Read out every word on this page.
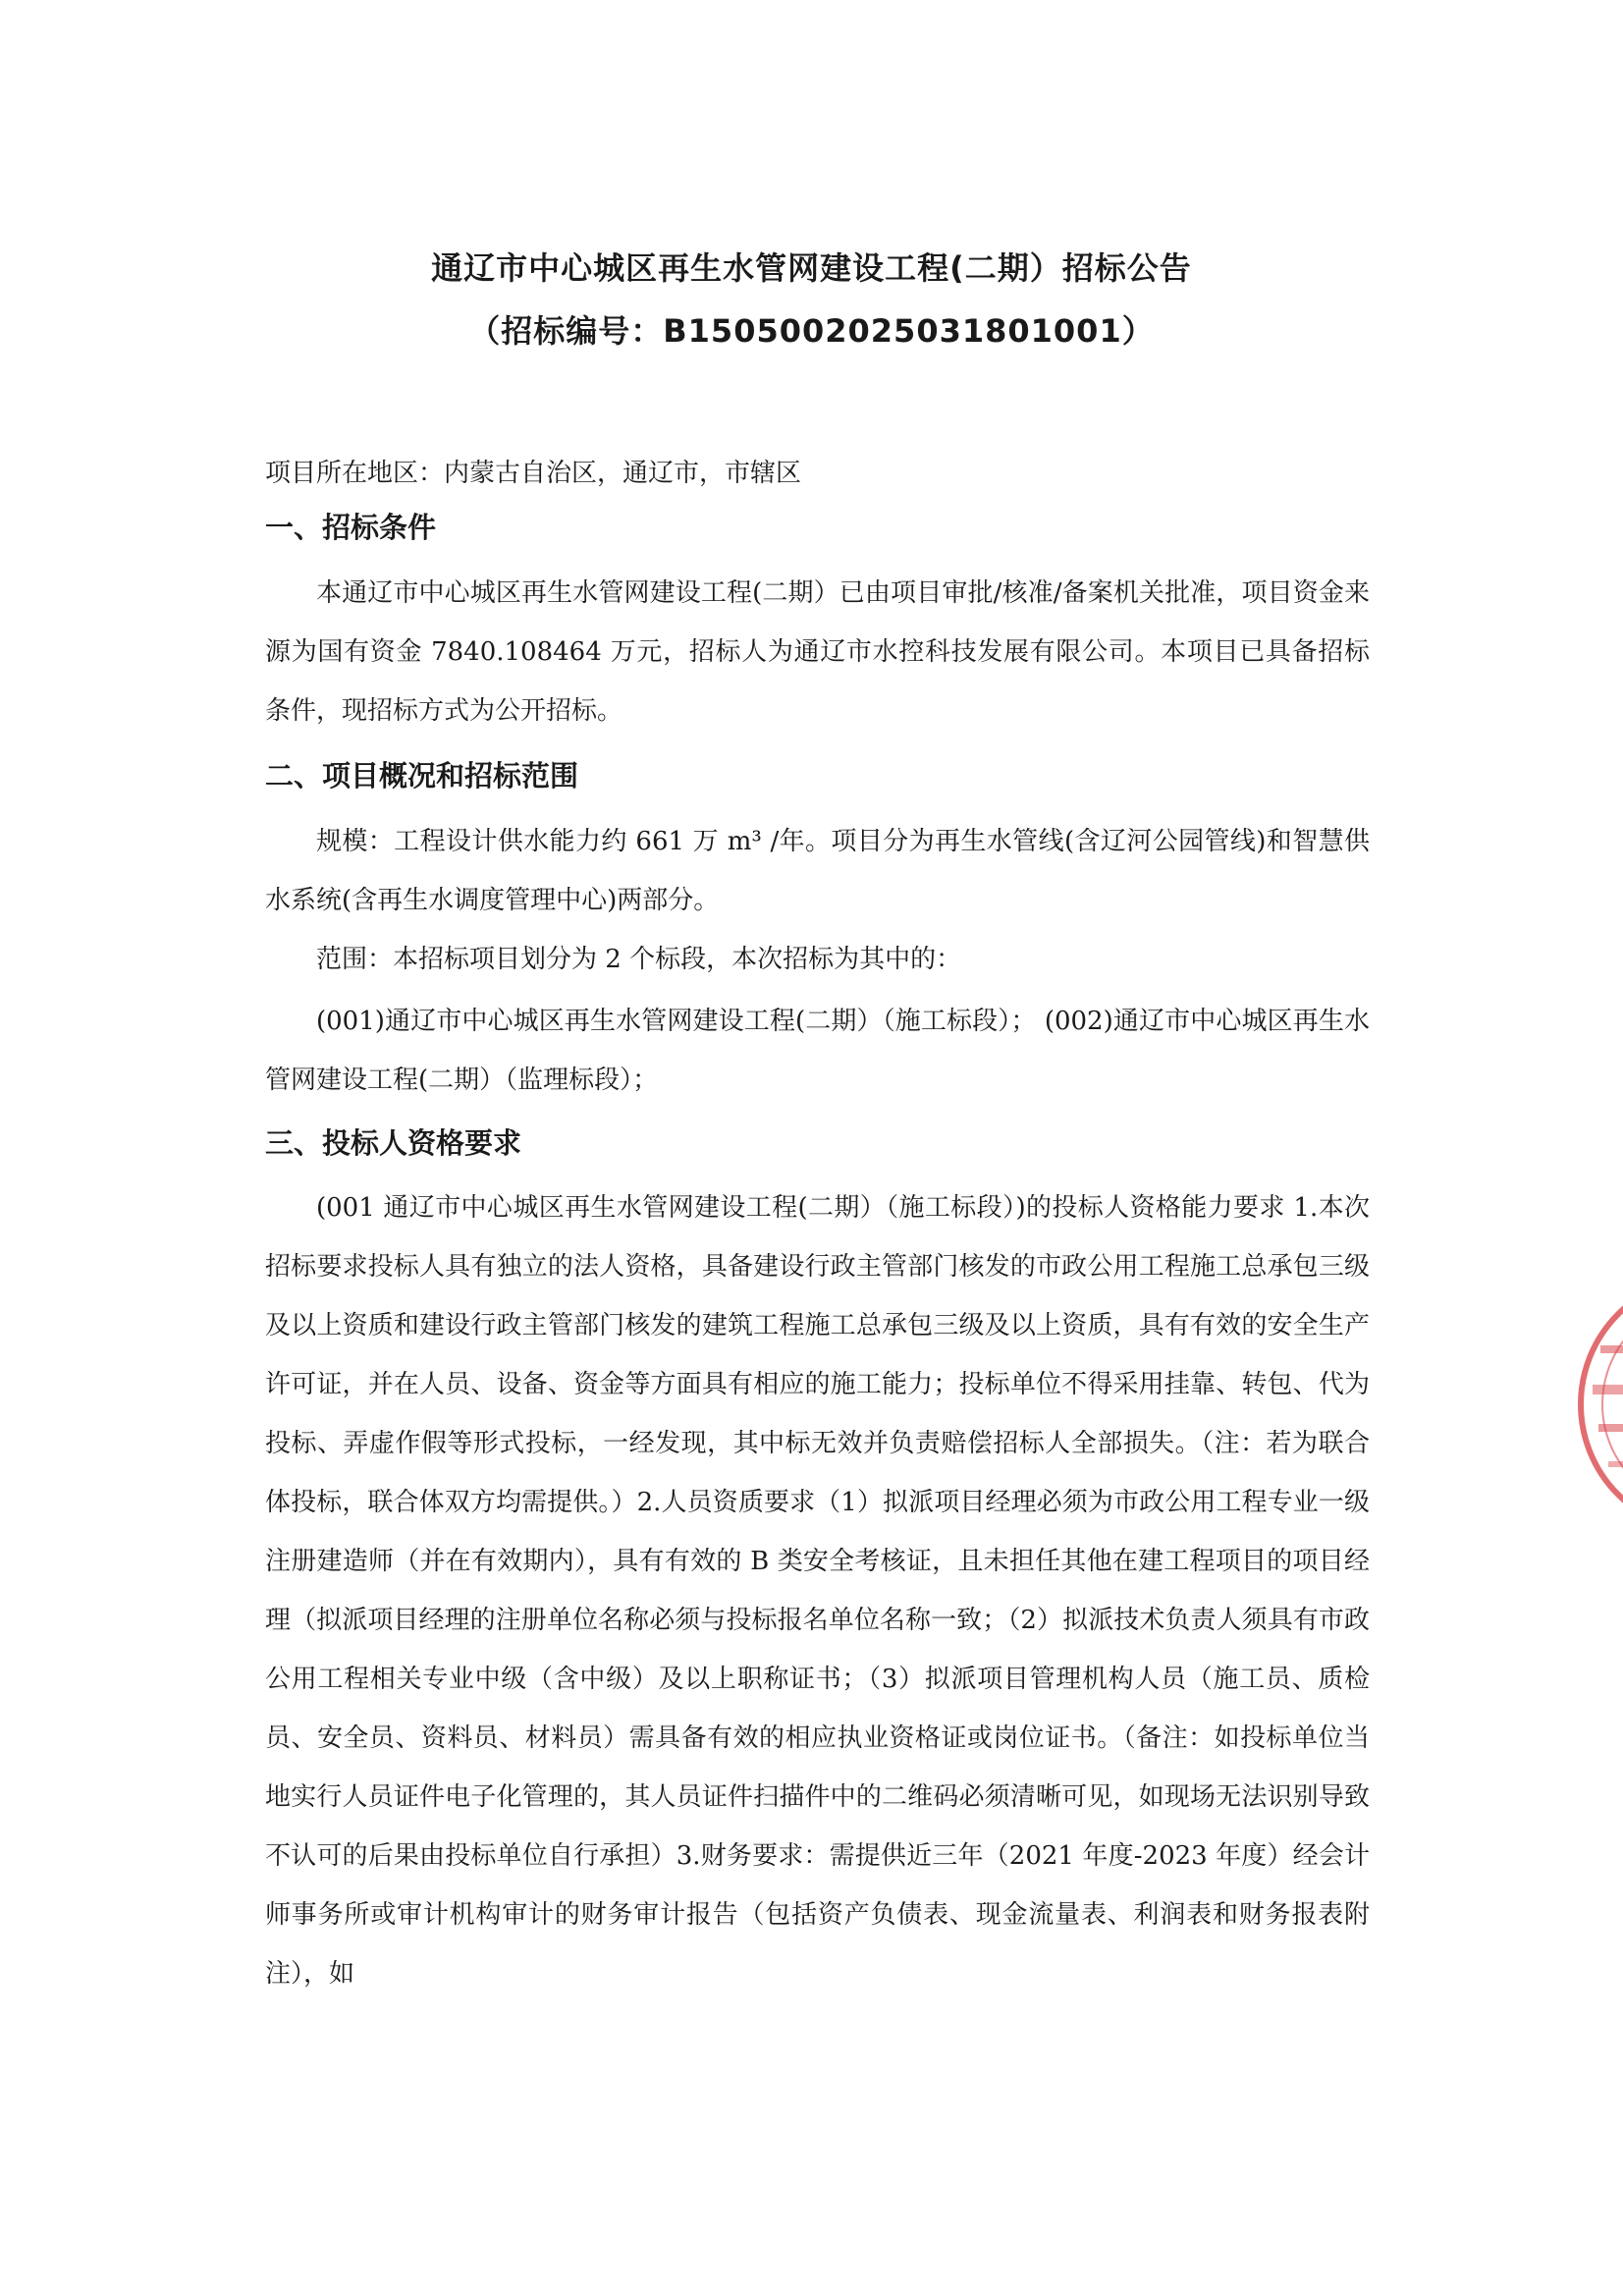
通辽市中心城区再生水管网建设工程(二期）招标公告
（招标编号：B1505002025031801001）
项目所在地区：内蒙古自治区，通辽市，市辖区
一、招标条件

本通辽市中心城区再生水管网建设工程(二期）已由项目审批/核准/备案机关批准，项目资金来源为国有资金 7840.108464 万元，招标人为通辽市水控科技发展有限公司。本项目已具备招标条件，现招标方式为公开招标。

二、项目概况和招标范围

规模：工程设计供水能力约 661 万 m³ /年。项目分为再生水管线(含辽河公园管线)和智慧供水系统(含再生水调度管理中心)两部分。

范围：本招标项目划分为 2 个标段，本次招标为其中的：

(001)通辽市中心城区再生水管网建设工程(二期）（施工标段）； (002)通辽市中心城区再生水管网建设工程(二期）（监理标段）；

三、投标人资格要求

(001 通辽市中心城区再生水管网建设工程(二期）（施工标段）)的投标人资格能力要求 1.本次招标要求投标人具有独立的法人资格，具备建设行政主管部门核发的市政公用工程施工总承包三级及以上资质和建设行政主管部门核发的建筑工程施工总承包三级及以上资质，具有有效的安全生产许可证，并在人员、设备、资金等方面具有相应的施工能力；投标单位不得采用挂靠、转包、代为投标、弄虚作假等形式投标，一经发现，其中标无效并负责赔偿招标人全部损失。（注：若为联合体投标，联合体双方均需提供。）2.人员资质要求（1）拟派项目经理必须为市政公用工程专业一级注册建造师（并在有效期内），具有有效的 B 类安全考核证，且未担任其他在建工程项目的项目经理（拟派项目经理的注册单位名称必须与投标报名单位名称一致；（2）拟派技术负责人须具有市政公用工程相关专业中级（含中级）及以上职称证书；（3）拟派项目管理机构人员（施工员、质检员、安全员、资料员、材料员）需具备有效的相应执业资格证或岗位证书。（备注：如投标单位当地实行人员证件电子化管理的，其人员证件扫描件中的二维码必须清晰可见，如现场无法识别导致不认可的后果由投标单位自行承担）3.财务要求：需提供近三年（2021 年度-2023 年度）经会计师事务所或审计机构审计的财务审计报告（包括资产负债表、现金流量表、利润表和财务报表附注），如
